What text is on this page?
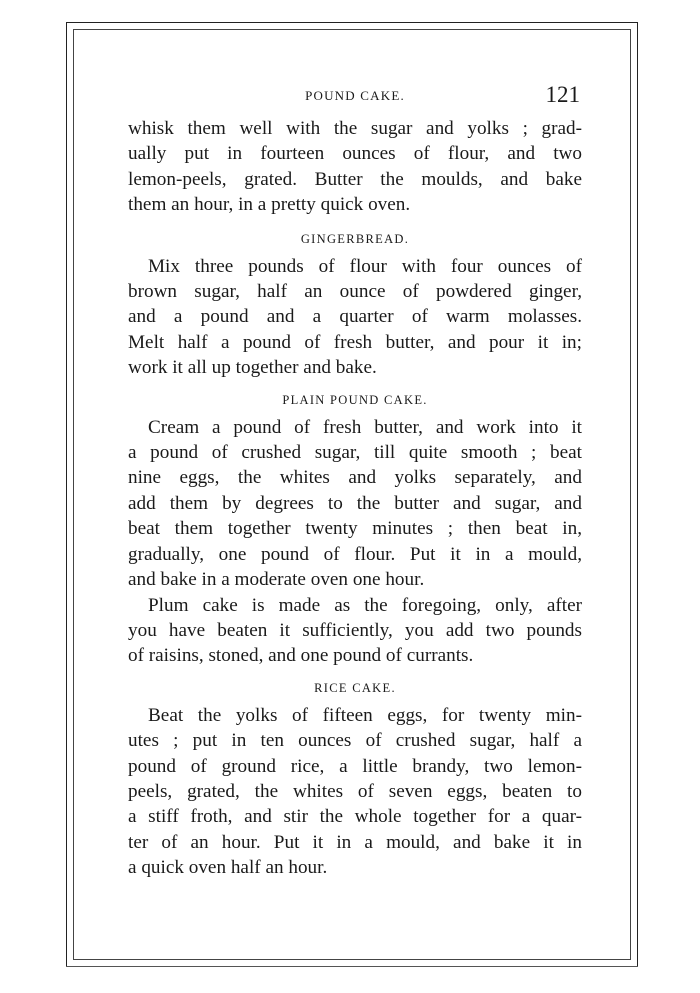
POUND CAKE.	121

whisk them well with the sugar and yolks ; grad-
ually put in fourteen ounces of flour, and two
lemon-peels, grated. Butter the moulds, and bake
them an hour, in a pretty quick oven.

GINGERBREAD.

Mix three pounds of flour with four ounces of
brown sugar, half an ounce of powdered ginger,
and a pound and a quarter of warm molasses.
Melt half a pound of fresh butter, and pour it in;
work it all up together and bake.

PLAIN POUND CAKE.

Cream a pound of fresh butter, and work into it
a pound of crushed sugar, till quite smooth ; beat
nine eggs, the whites and yolks separately, and
add them by degrees to the butter and sugar, and
beat them together twenty minutes ; then beat in,
gradually, one pound of flour. Put it in a mould,
and bake in a moderate oven one hour.

Plum cake is made as the foregoing, only, after
you have beaten it sufficiently, you add two pounds
of raisins, stoned, and one pound of currants.

RICE CAKE.

Beat the yolks of fifteen eggs, for twenty min-
utes ; put in ten ounces of crushed sugar, half a
pound of ground rice, a little brandy, two lemon-
peels, grated, the whites of seven eggs, beaten to
a stiff froth, and stir the whole together for a quar-
ter of an hour. Put it in a mould, and bake it in
a quick oven half an hour.
